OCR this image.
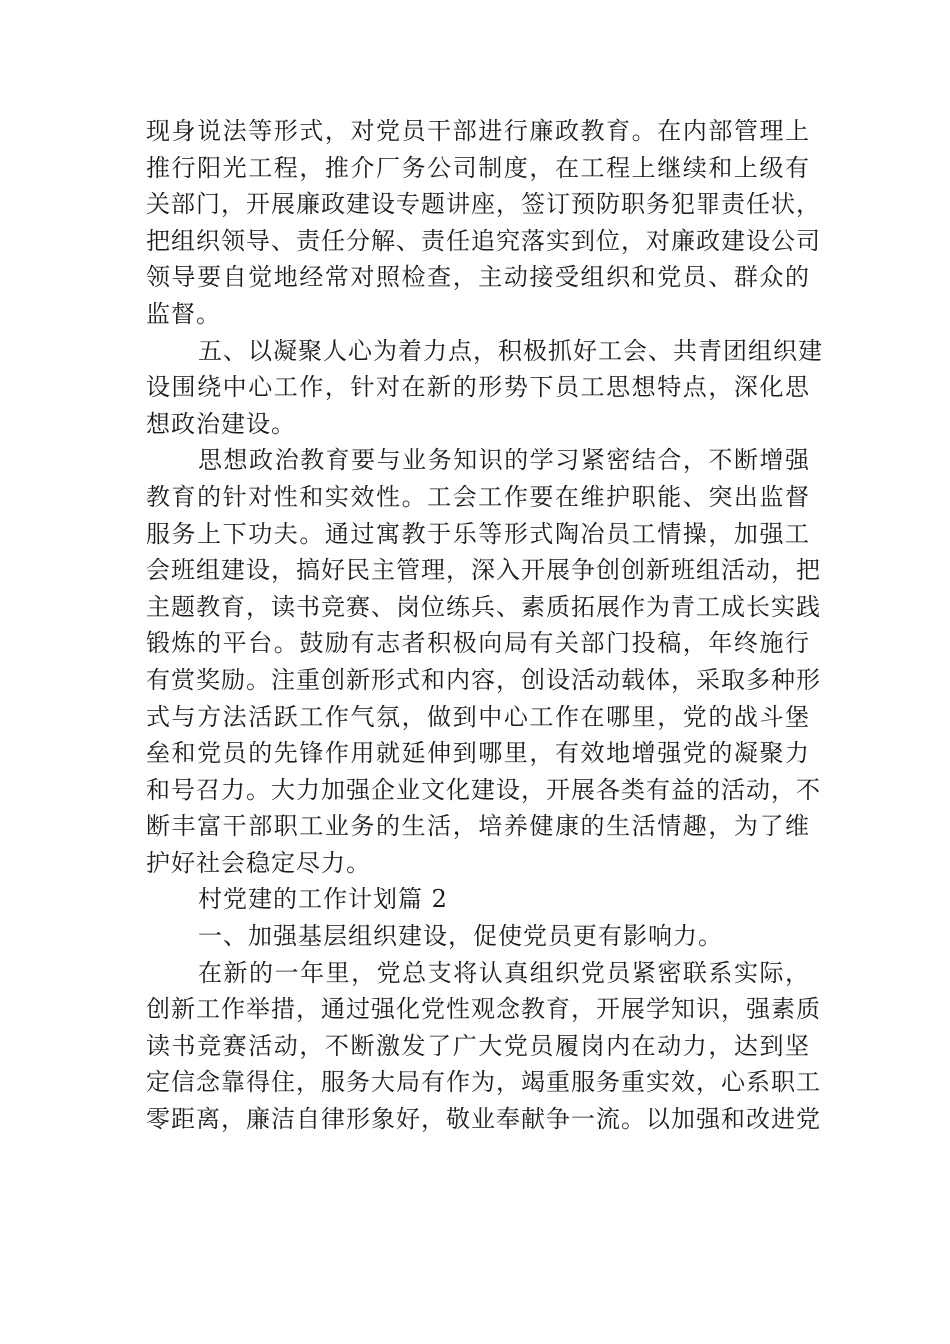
现身说法等形式，对党员干部进行廉政教育。在内部管理上
推行阳光工程，推介厂务公司制度，在工程上继续和上级有
关部门，开展廉政建设专题讲座，签订预防职务犯罪责任状，
把组织领导、责任分解、责任追究落实到位，对廉政建设公司
领导要自觉地经常对照检查，主动接受组织和党员、群众的
监督。
五、以凝聚人心为着力点，积极抓好工会、共青团组织建
设围绕中心工作，针对在新的形势下员工思想特点，深化思
想政治建设。
思想政治教育要与业务知识的学习紧密结合，不断增强
教育的针对性和实效性。工会工作要在维护职能、突出监督
服务上下功夫。通过寓教于乐等形式陶冶员工情操，加强工
会班组建设，搞好民主管理，深入开展争创创新班组活动，把
主题教育，读书竞赛、岗位练兵、素质拓展作为青工成长实践
锻炼的平台。鼓励有志者积极向局有关部门投稿，年终施行
有赏奖励。注重创新形式和内容，创设活动载体，采取多种形
式与方法活跃工作气氛，做到中心工作在哪里，党的战斗堡
垒和党员的先锋作用就延伸到哪里，有效地增强党的凝聚力
和号召力。大力加强企业文化建设，开展各类有益的活动，不
断丰富干部职工业务的生活，培养健康的生活情趣，为了维
护好社会稳定尽力。
村党建的工作计划篇 2
一、加强基层组织建设，促使党员更有影响力。
在新的一年里，党总支将认真组织党员紧密联系实际，
创新工作举措，通过强化党性观念教育，开展学知识，强素质
读书竞赛活动，不断激发了广大党员履岗内在动力，达到坚
定信念靠得住，服务大局有作为，竭重服务重实效，心系职工
零距离，廉洁自律形象好，敬业奉献争一流。以加强和改进党
